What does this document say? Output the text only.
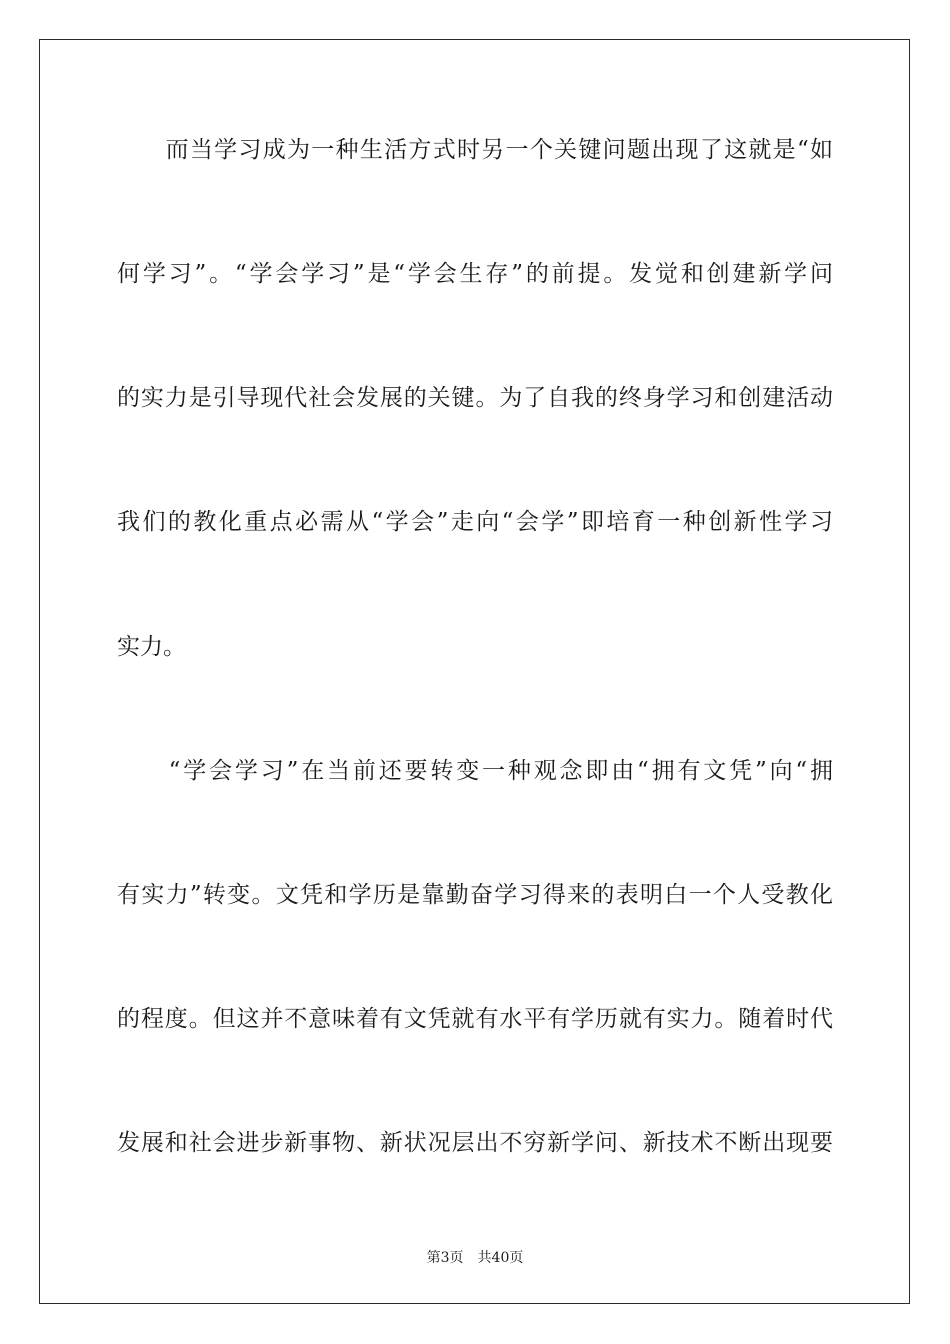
　　而当学习成为一种生活方式时另一个关键问题出现了这就是“如
何学习”。“学会学习”是“学会生存”的前提。发觉和创建新学问
的实力是引导现代社会发展的关键。为了自我的终身学习和创建活动
我们的教化重点必需从“学会”走向“会学”即培育一种创新性学习
实力。
　　“学会学习”在当前还要转变一种观念即由“拥有文凭”向“拥
有实力”转变。文凭和学历是靠勤奋学习得来的表明白一个人受教化
的程度。但这并不意味着有文凭就有水平有学历就有实力。随着时代
发展和社会进步新事物、新状况层出不穷新学问、新技术不断出现要
第3页 共40页
